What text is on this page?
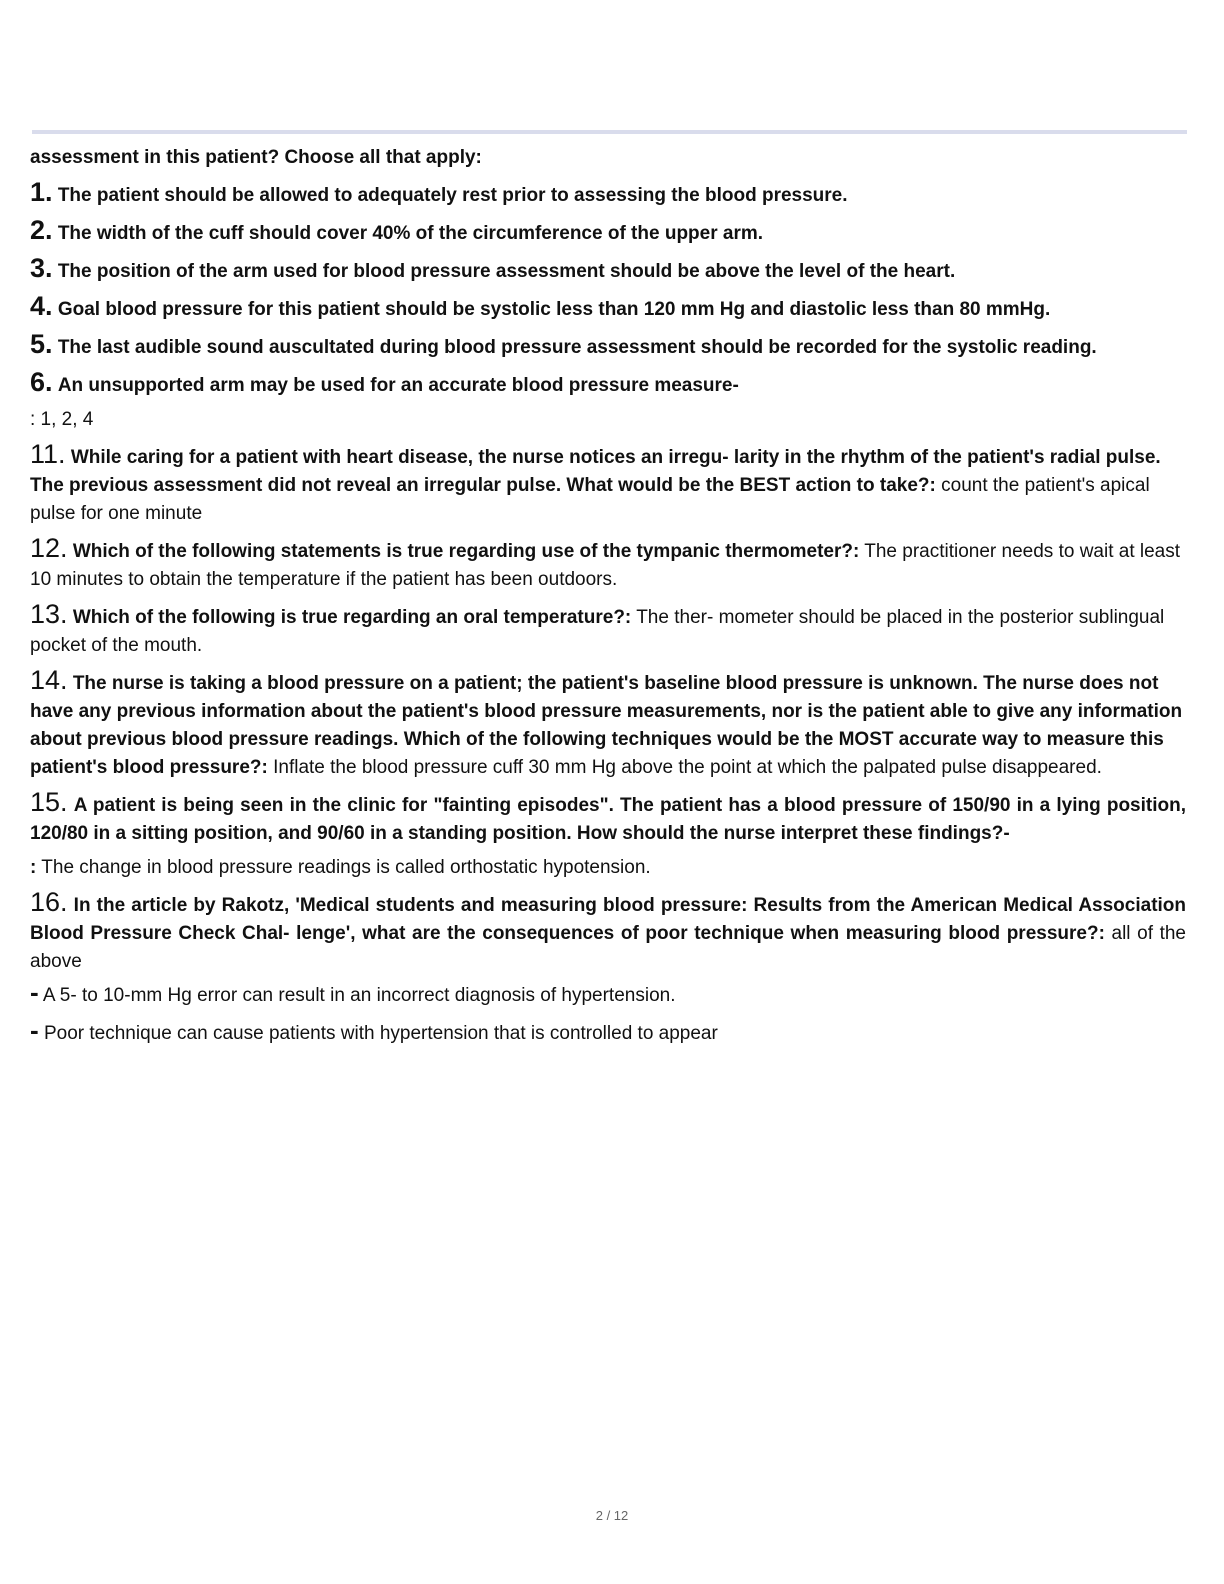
assessment in this patient? Choose all that apply:
1. The patient should be allowed to adequately rest prior to assessing the blood pressure.
2. The width of the cuff should cover 40% of the circumference of the upper arm.
3. The position of the arm used for blood pressure assessment should be above the level of the heart.
4. Goal blood pressure for this patient should be systolic less than 120 mm Hg and diastolic less than 80 mmHg.
5. The last audible sound auscultated during blood pressure assessment should be recorded for the systolic reading.
6. An unsupported arm may be used for an accurate blood pressure measure-
: 1, 2, 4
11. While caring for a patient with heart disease, the nurse notices an irregu- larity in the rhythm of the patient's radial pulse. The previous assessment did not reveal an irregular pulse. What would be the BEST action to take?: count the patient's apical pulse for one minute
12. Which of the following statements is true regarding use of the tympanic thermometer?: The practitioner needs to wait at least 10 minutes to obtain the temperature if the patient has been outdoors.
13. Which of the following is true regarding an oral temperature?: The ther- mometer should be placed in the posterior sublingual pocket of the mouth.
14. The nurse is taking a blood pressure on a patient; the patient's baseline blood pressure is unknown. The nurse does not have any previous information about the patient's blood pressure measurements, nor is the patient able to give any information about previous blood pressure readings. Which of the following techniques would be the MOST accurate way to measure this patient's blood pressure?: Inflate the blood pressure cuff 30 mm Hg above the point at which the palpated pulse disappeared.
15. A patient is being seen in the clinic for "fainting episodes". The patient has a blood pressure of 150/90 in a lying position, 120/80 in a sitting position, and 90/60 in a standing position. How should the nurse interpret these findings?-
: The change in blood pressure readings is called orthostatic hypotension.
16. In the article by Rakotz, 'Medical students and measuring blood pressure: Results from the American Medical Association Blood Pressure Check Chal- lenge', what are the consequences of poor technique when measuring blood pressure?: all of the above
- A 5- to 10-mm Hg error can result in an incorrect diagnosis of hypertension.
- Poor technique can cause patients with hypertension that is controlled to appear
2 / 12
